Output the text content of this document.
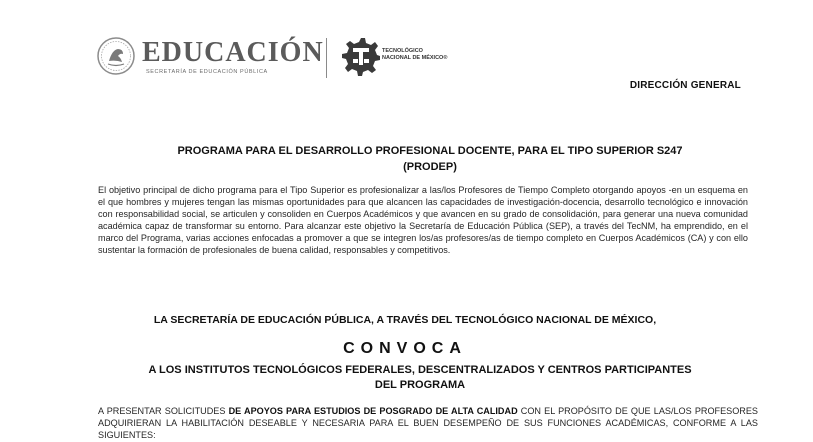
EDUCACIÓN
SECRETARÍA DE EDUCACIÓN PÚBLICA
TECNOLÓGICO
NACIONAL DE MÉXICO®
DIRECCIÓN GENERAL
PROGRAMA PARA EL DESARROLLO PROFESIONAL DOCENTE, PARA EL TIPO SUPERIOR S247
(PRODEP)
El objetivo principal de dicho programa para el Tipo Superior es profesionalizar a las/los Profesores de Tiempo Completo otorgando apoyos -en un esquema en el que hombres y mujeres tengan las mismas oportunidades para que alcancen las capacidades de investigación-docencia, desarrollo tecnológico e innovación con responsabilidad social, se articulen y consoliden en Cuerpos Académicos y que avancen en su grado de consolidación, para generar una nueva comunidad académica capaz de transformar su entorno. Para alcanzar este objetivo la Secretaría de Educación Pública (SEP), a través del TecNM, ha emprendido, en el marco del Programa, varias acciones enfocadas a promover a que se integren los/as profesores/as de tiempo completo en Cuerpos Académicos (CA) y con ello sustentar la formación de profesionales de buena calidad, responsables y competitivos.
LA SECRETARÍA DE EDUCACIÓN PÚBLICA, A TRAVÉS DEL TECNOLÓGICO NACIONAL DE MÉXICO,
CONVOCA
A LOS INSTITUTOS TECNOLÓGICOS FEDERALES, DESCENTRALIZADOS Y CENTROS PARTICIPANTES
DEL PROGRAMA
A PRESENTAR SOLICITUDES DE APOYOS PARA ESTUDIOS DE POSGRADO DE ALTA CALIDAD CON EL PROPÓSITO DE QUE LAS/LOS PROFESORES ADQUIRIERAN LA HABILITACIÓN DESEABLE Y NECESARIA PARA EL BUEN DESEMPEÑO DE SUS FUNCIONES ACADÉMICAS, CONFORME A LAS SIGUIENTES:
